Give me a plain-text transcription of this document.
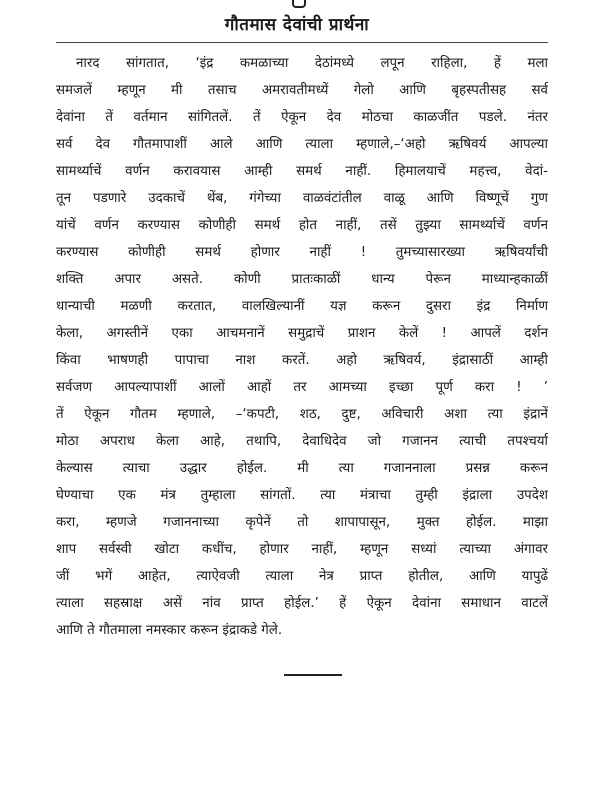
गौतमास देवांची प्रार्थना
नारद सांगतात, ‘इंद्र कमळाच्या देठांमध्ये लपून राहिला, हें मला
समजलें म्हणून मी तसाच अमरावतीमध्यें गेलो आणि बृहस्पतीसह सर्व
देवांना तें वर्तमान सांगितलें. तें ऐकून देव मोठचा काळजींत पडले. नंतर
सर्व देव गौतमापाशीं आले आणि त्याला म्हणाले,–‘अहो ऋषिवर्य आपल्या
सामर्थ्याचें वर्णन करावयास आम्ही समर्थ नाहीं. हिमालयाचें महत्त्व, वेदां-
तून पडणारे उदकाचें थेंब, गंगेच्या वाळवंटांतील वाळू आणि विष्णूचें गुण
यांचें वर्णन करण्यास कोणीही समर्थ होत नाहीं, तसें तुझ्या सामर्थ्याचें वर्णन
करण्यास कोणीही समर्थ होणार नाहीं ! तुमच्यासारख्या ऋषिवर्यांची
शक्ति अपार असते. कोणी प्रातःकाळीं धान्य पेरून माध्यान्हकाळीं
धान्याची मळणी करतात, वालखिल्यानीं यज्ञ करून दुसरा इंद्र निर्माण
केला, अगस्तीनें एका आचमनानें समुद्राचें प्राशन केलें ! आपलें दर्शन
किंवा भाषणही पापाचा नाश करतें. अहो ऋषिवर्य, इंद्रासाठीं आम्ही
सर्वजण आपल्यापाशीं आलों आहों तर आमच्या इच्छा पूर्ण करा ! ’
तें ऐकून गौतम म्हणाले, –‘कपटी, शठ, दुष्ट, अविचारी अशा त्या इंद्रानें
मोठा अपराध केला आहे, तथापि, देवाधिदेव जो गजानन त्याची तपश्चर्या
केल्यास त्याचा उद्धार होईल. मी त्या गजाननाला प्रसन्न करून
घेण्याचा एक मंत्र तुम्हाला सांगतों. त्या मंत्राचा तुम्ही इंद्राला उपदेश
करा, म्हणजे गजाननाच्या कृपेनें तो शापापासून, मुक्त होईल. माझा
शाप सर्वस्वी खोटा कधींच, होणार नाहीं, म्हणून सध्यां त्याच्या अंगावर
जीं भगें आहेत, त्याऐवजी त्याला नेत्र प्राप्त होतील, आणि यापुढें
त्याला सहस्राक्ष असें नांव प्राप्त होईल.’ हें ऐकून देवांना समाधान वाटलें
आणि ते गौतमाला नमस्कार करून इंद्राकडे गेले.
